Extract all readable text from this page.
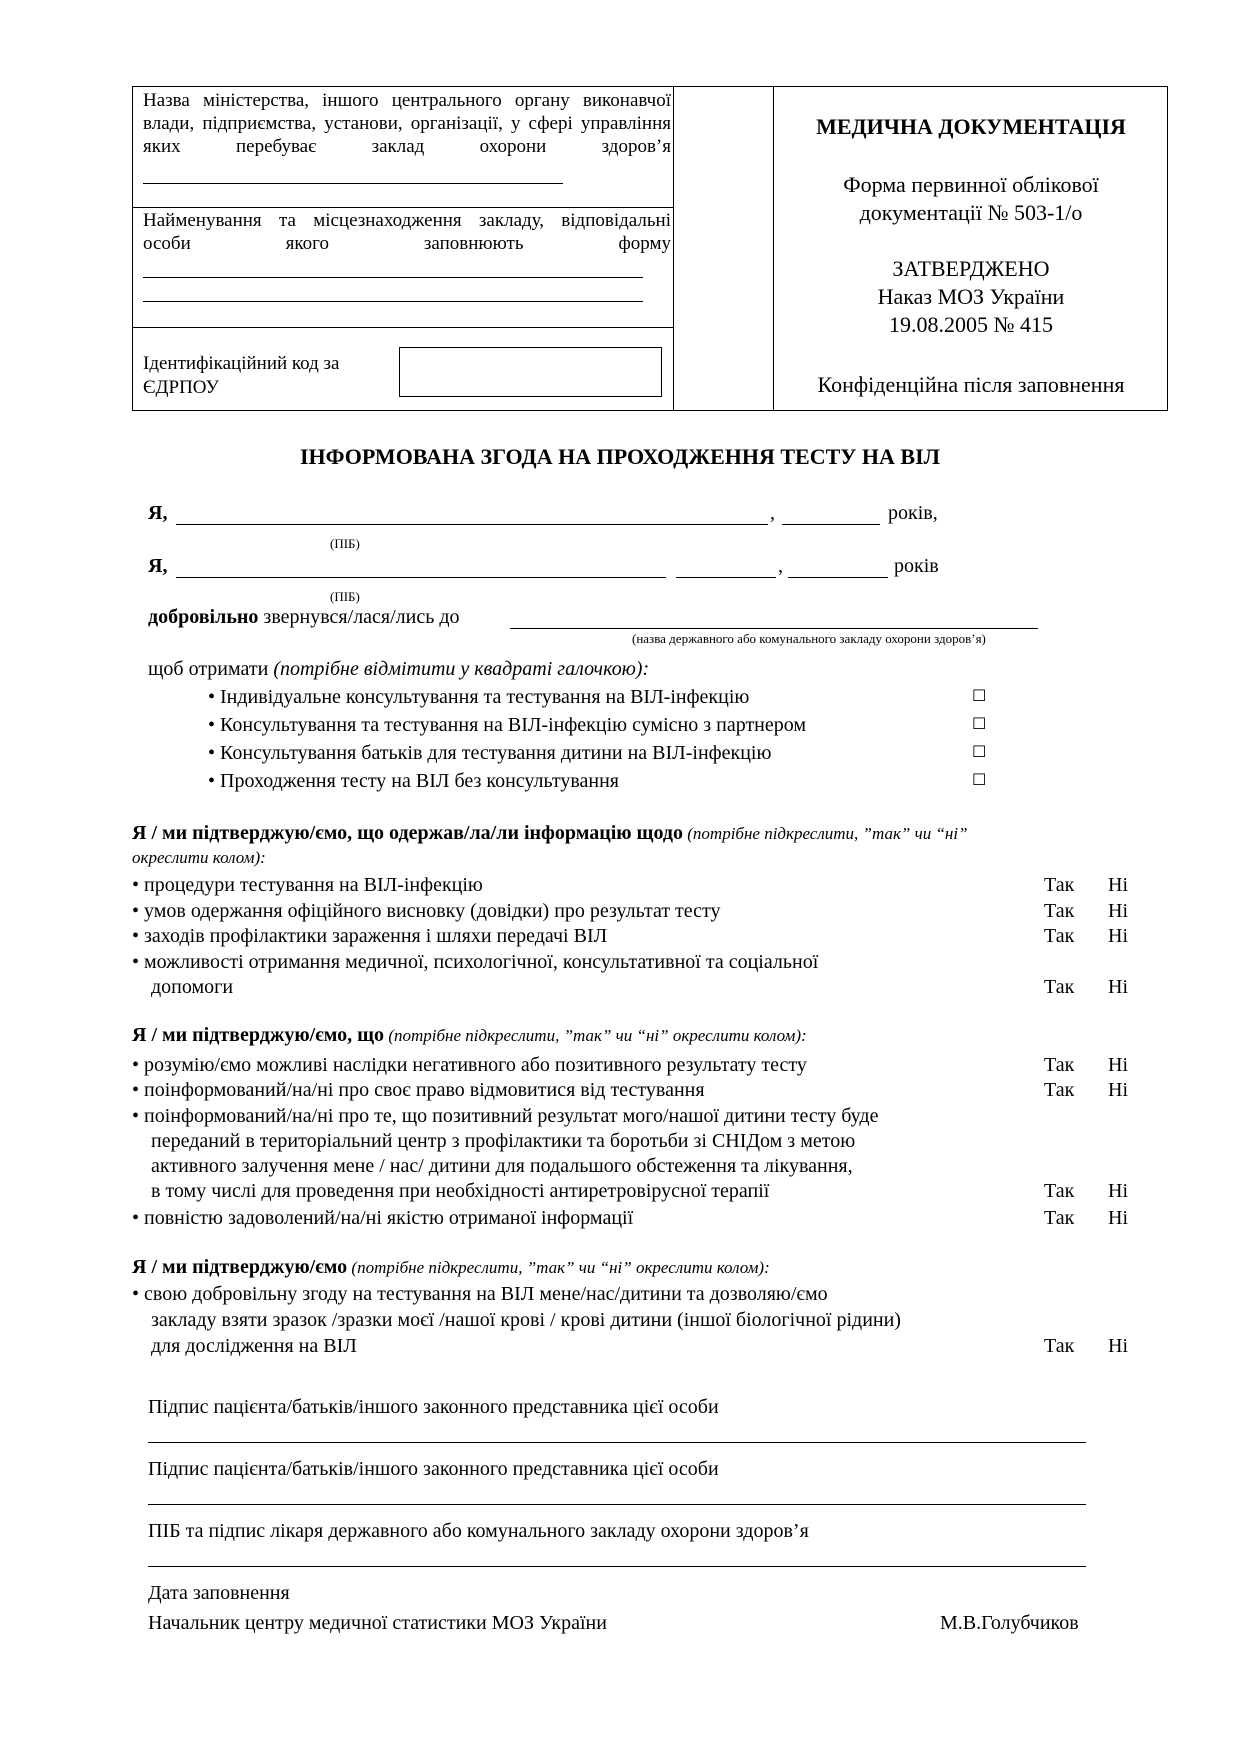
Назва міністерства, іншого центрального органу виконавчої влади, підприємства, установи, організації, у сфері управління яких перебуває заклад охорони здоров’я
Найменування та місцезнаходження закладу, відповідальні особи якого заповнюють форму
Ідентифікаційний код за
ЄДРПОУ
МЕДИЧНА ДОКУМЕНТАЦІЯ
Форма первинної облікової
документації № 503-1/о
ЗАТВЕРДЖЕНО
Наказ МОЗ України
19.08.2005 № 415
Конфіденційна після заповнення
ІНФОРМОВАНА ЗГОДА НА ПРОХОДЖЕННЯ ТЕСТУ НА ВІЛ
Я,	,	років,
(ПІБ)
Я,	,	років
(ПІБ)
добровільно звернувся/лася/лись до
(назва державного або комунального закладу охорони здоров’я)
щоб отримати (потрібне відмітити у квадраті галочкою):
• Індивідуальне консультування та тестування на ВІЛ-інфекцію	☐
• Консультування та тестування на ВІЛ-інфекцію сумісно з партнером	☐
• Консультування батьків для тестування дитини на ВІЛ-інфекцію	☐
• Проходження тесту на ВІЛ без консультування	☐
Я / ми підтверджую/ємо, що одержав/ла/ли інформацію щодо (потрібне підкреслити, ”так” чи “ні”
окреслити колом):
• процедури тестування на ВІЛ-інфекцію	Так Ні
• умов одержання офіційного висновку (довідки) про результат тесту	Так Ні
• заходів профілактики зараження і шляхи передачі ВІЛ	Так Ні
• можливості отримання медичної, психологічної, консультативної та соціальної
допомоги	Так Ні
Я / ми підтверджую/ємо, що (потрібне підкреслити, ”так” чи “ні” окреслити колом):
• розумію/ємо можливі наслідки негативного або позитивного результату тесту	Так Ні
• поінформований/на/ні про своє право відмовитися від тестування	Так Ні
• поінформований/на/ні про те, що позитивний результат мого/нашої дитини тесту буде
переданий в територіальний центр з профілактики та боротьби зі СНІДом з метою
активного залучення мене / нас/ дитини для подальшого обстеження та лікування,
в тому числі для проведення при необхідності антиретровірусної терапії	Так Ні
• повністю задоволений/на/ні якістю отриманої інформації	Так Ні
Я / ми підтверджую/ємо (потрібне підкреслити, ”так” чи “ні” окреслити колом):
• свою добровільну згоду на тестування на ВІЛ мене/нас/дитини та дозволяю/ємо
закладу взяти зразок /зразки моєї /нашої крові / крові дитини (іншої біологічної рідини)
для дослідження на ВІЛ	Так Ні
Підпис пацієнта/батьків/іншого законного представника цієї особи
Підпис пацієнта/батьків/іншого законного представника цієї особи
ПІБ та підпис лікаря державного або комунального закладу охорони здоров’я
Дата заповнення
Начальник центру медичної статистики МОЗ України	М.В.Голубчиков
